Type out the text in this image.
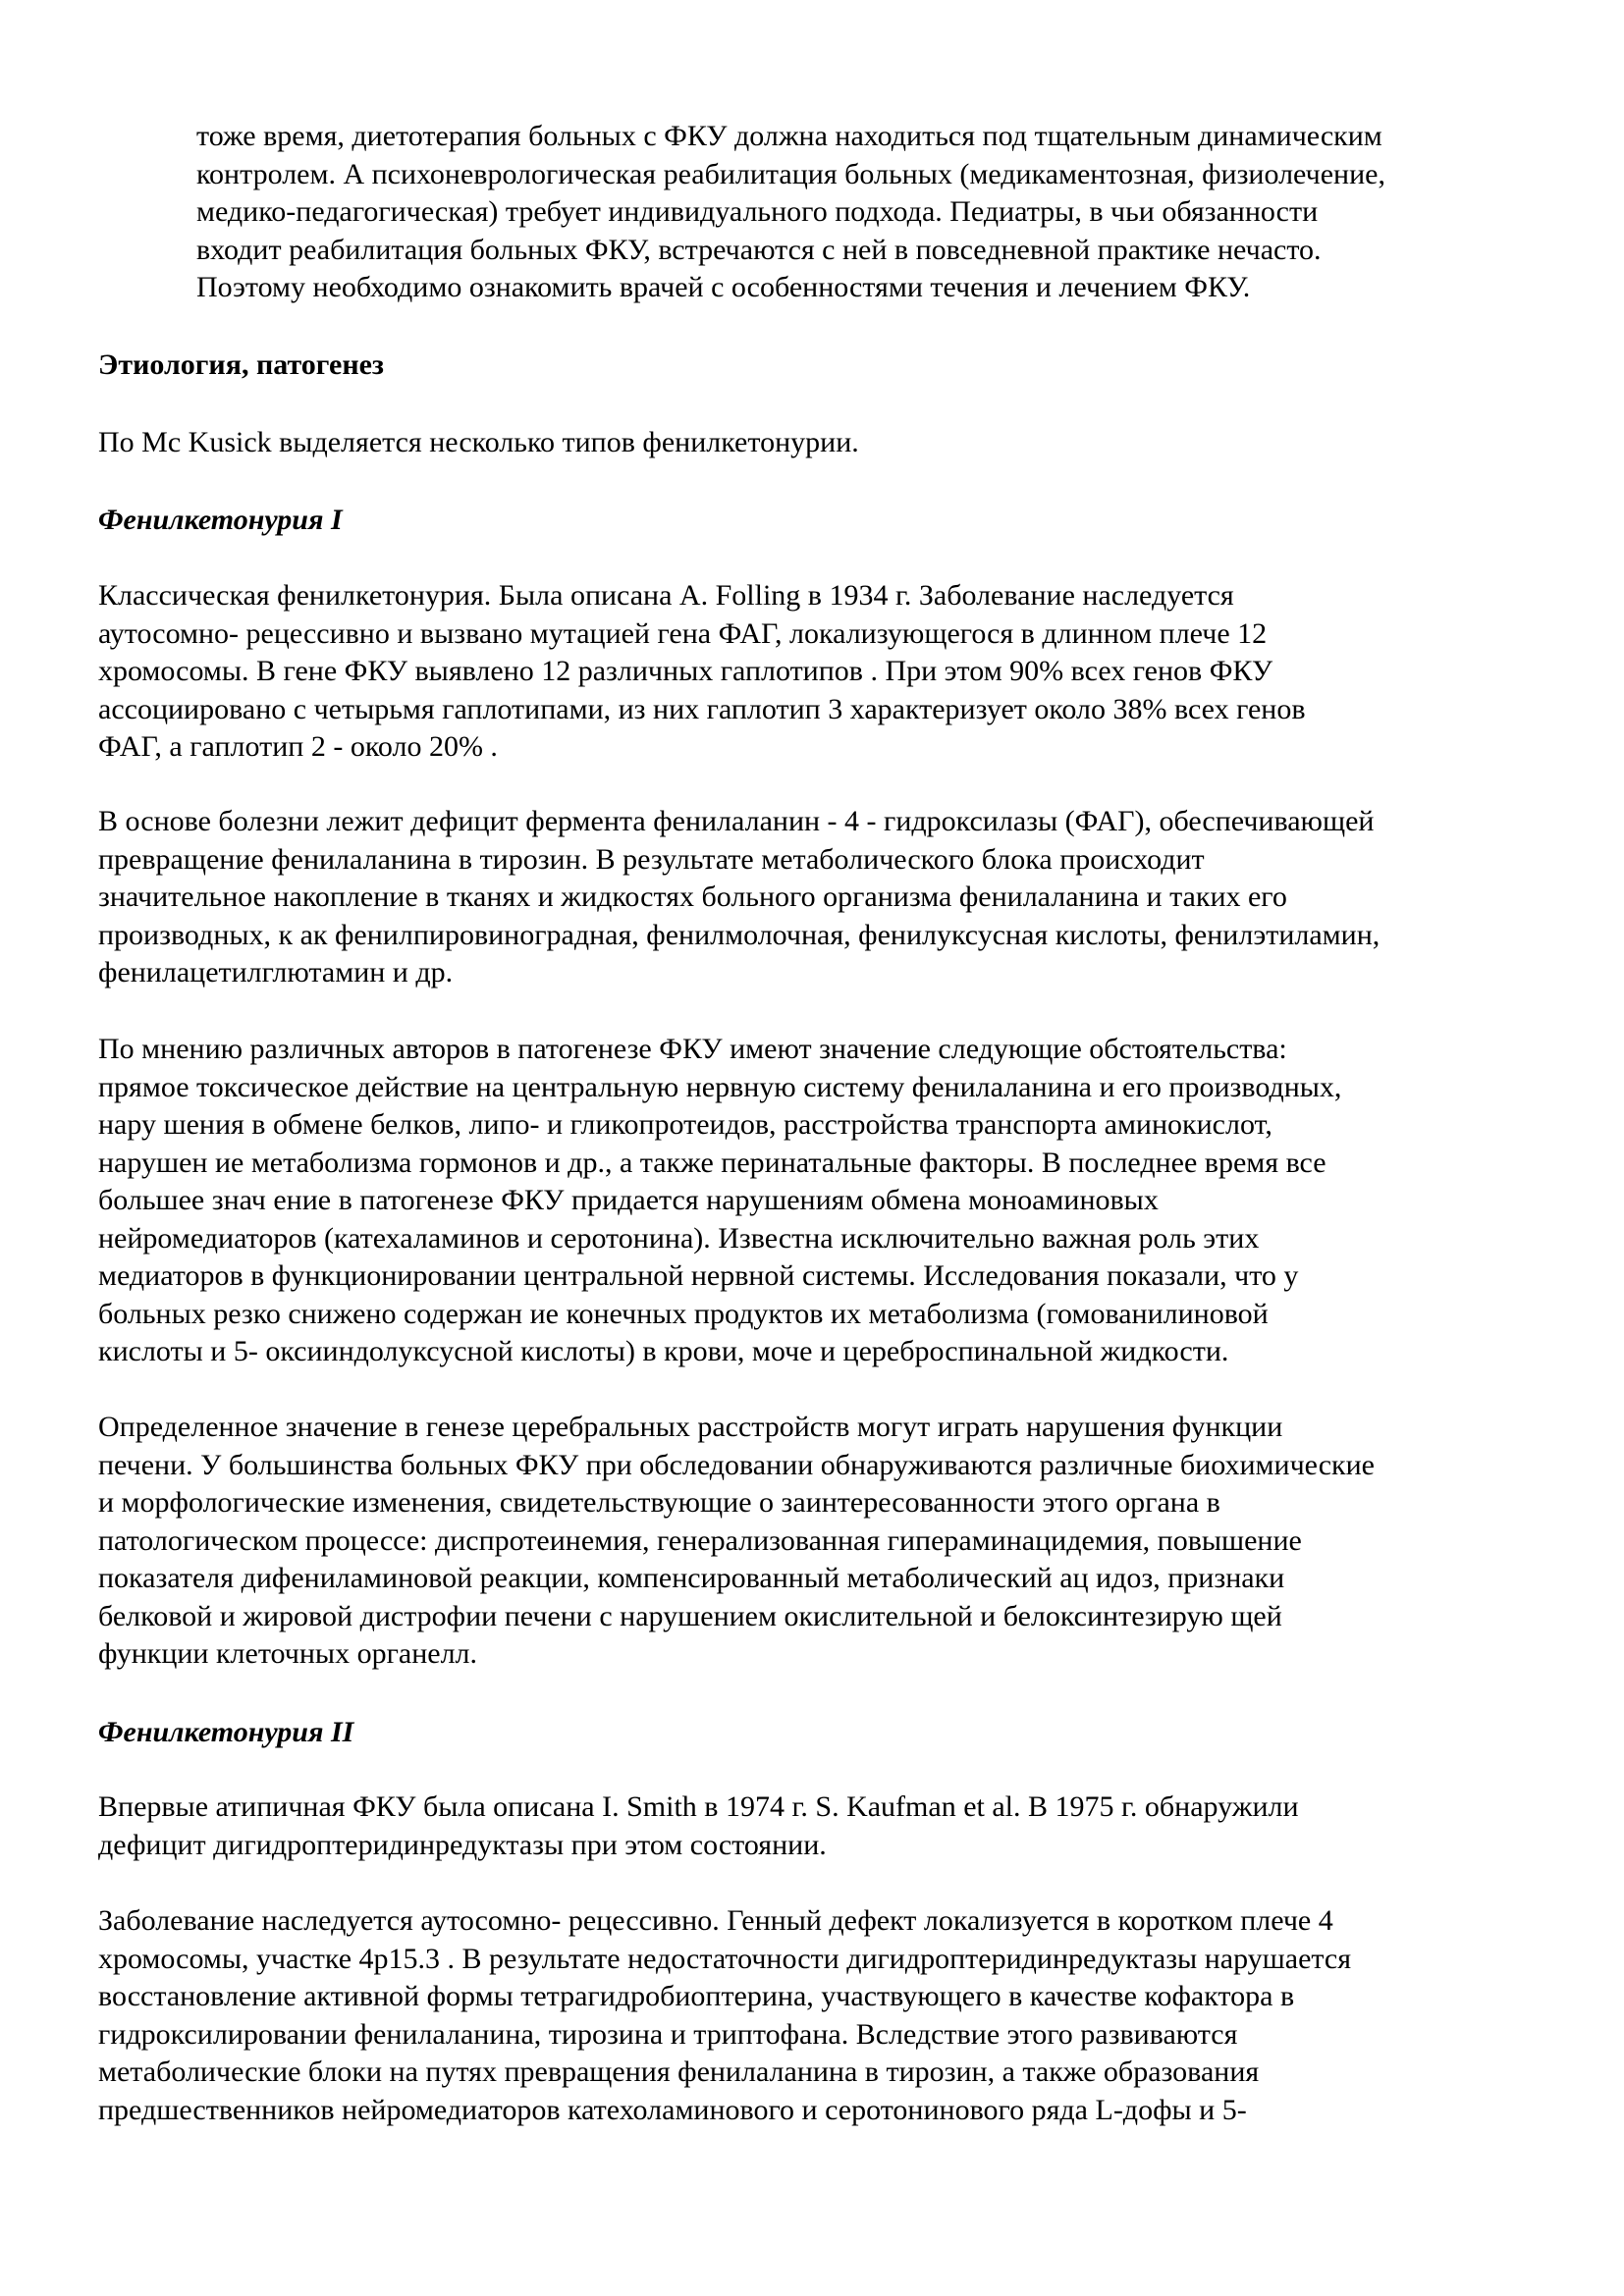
тоже время, диетотерапия больных с ФКУ должна находиться под тщательным динамическим
контролем. А психоневрологическая реабилитация больных (медикаментозная, физиолечение,
медико-педагогическая) требует индивидуального подхода. Педиатры, в чьи обязанности
входит реабилитация больных ФКУ, встречаются с ней в повседневной практике нечасто.
Поэтому необходимо ознакомить врачей с особенностями течения и лечением ФКУ.
Этиология, патогенез
По Mc Kusick выделяется несколько типов фенилкетонурии.
Фенилкетонурия I
Классическая фенилкетонурия. Была описана А. Folling в 1934 г. Заболевание наследуется
аутосомно- рецессивно и вызвано мутацией гена ФАГ, локализующегося в длинном плече 12
хромосомы. В гене ФКУ выявлено 12 различных гаплотипов . При этом 90% всех генов ФКУ
ассоциировано с четырьмя гаплотипами, из них гаплотип 3 характеризует около 38% всех генов
ФАГ, а гаплотип 2 - около 20% .
В основе болезни лежит дефицит фермента фенилаланин - 4 - гидроксилазы (ФАГ), обеспечивающей
превращение фенилаланина в тирозин. В результате метаболического блока происходит
значительное накопление в тканях и жидкостях больного организма фенилаланина и таких его
производных, к ак фенилпировиноградная, фенилмолочная, фенилуксусная кислоты, фенилэтиламин,
фенилацетилглютамин и др.
По мнению различных авторов в патогенезе ФКУ имеют значение следующие обстоятельства:
прямое токсическое действие на центральную нервную систему фенилаланина и его производных,
нару шения в обмене белков, липо- и гликопротеидов, расстройства транспорта аминокислот,
нарушен ие метаболизма гормонов и др., а также перинатальные факторы. В последнее время все
большее знач ение в патогенезе ФКУ придается нарушениям обмена моноаминовых
нейромедиаторов (катехаламинов и серотонина). Известна исключительно важная роль этих
медиаторов в функционировании центральной нервной системы. Исследования показали, что у
больных резко снижено содержан ие конечных продуктов их метаболизма (гомованилиновой
кислоты и 5- оксииндолуксусной кислоты) в крови, моче и цереброспинальной жидкости.
Определенное значение в генезе церебральных расстройств могут играть нарушения функции
печени. У большинства больных ФКУ при обследовании обнаруживаются различные биохимические
и морфологические изменения, свидетельствующие о заинтересованности этого органа в
патологическом процессе: диспротеинемия, генерализованная гипераминацидемия, повышение
показателя дифениламиновой реакции, компенсированный метаболический ац идоз, признаки
белковой и жировой дистрофии печени с нарушением окислительной и белоксинтезирую щей
функции клеточных органелл.
Фенилкетонурия II
Впервые атипичная ФКУ была описана I. Smith в 1974 г. S. Kaufman et al. В 1975 г. обнаружили
дефицит дигидроптеридинредуктазы при этом состоянии.
Заболевание наследуется аутосомно- рецессивно. Генный дефект локализуется в коротком плече 4
хромосомы, участке 4р15.3 . В результате недостаточности дигидроптеридинредуктазы нарушается
восстановление активной формы тетрагидробиоптерина, участвующего в качестве кофактора в
гидроксилировании фенилаланина, тирозина и триптофана. Вследствие этого развиваются
метаболические блоки на путях превращения фенилаланина в тирозин, а также образования
предшественников нейромедиаторов катехоламинового и серотонинового ряда L-дофы и 5-
